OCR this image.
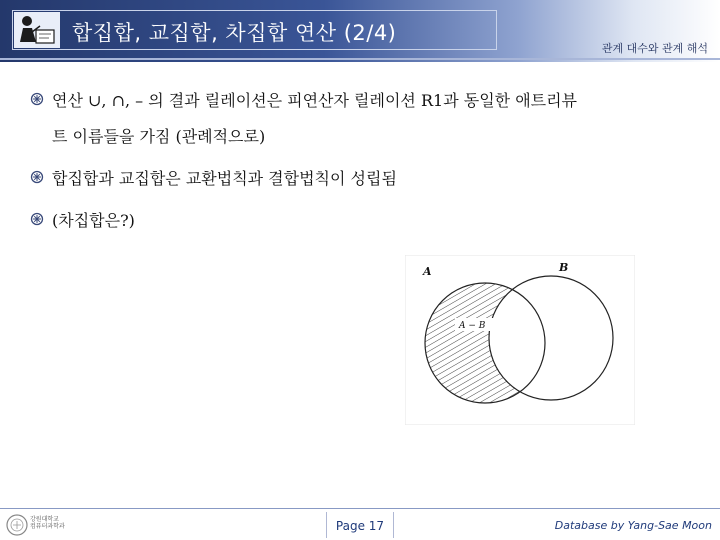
합집합, 교집합, 차집합 연산 (2/4)
관계 대수와 관계 해석
연산 ∪, ∩, – 의 결과 릴레이션은 피연산자 릴레이션 R1과 동일한 애트리뷰
트 이름들을 가짐 (관례적으로)
합집합과 교집합은 교환법칙과 결합법칙이 성립됨
(차집합은?)
A	B
A − B
강원대학교
컴퓨터과학과	Page 17	Database by Yang-Sae Moon
